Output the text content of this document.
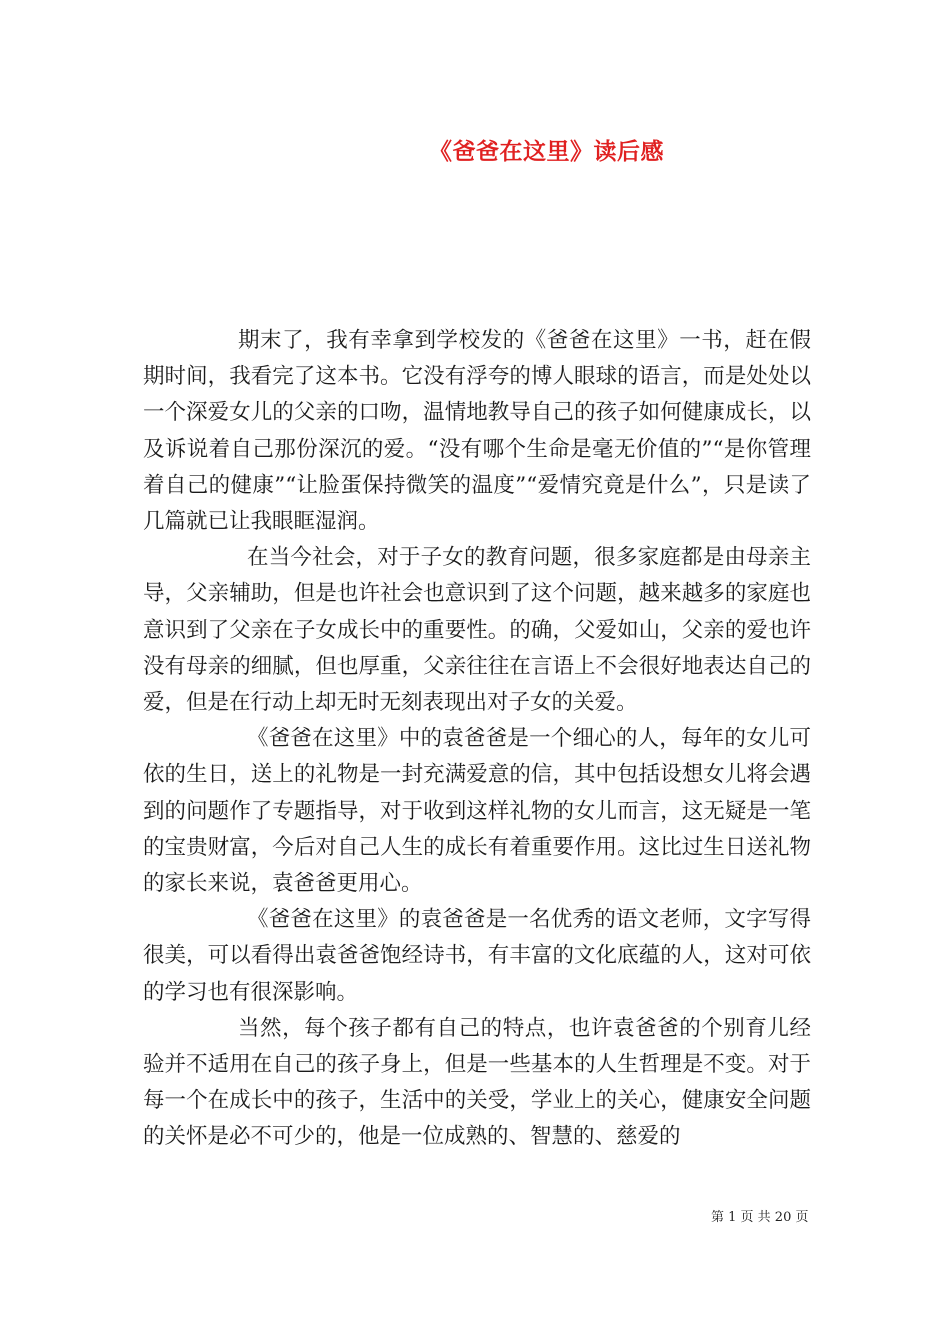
《爸爸在这里》读后感

期末了，我有幸拿到学校发的《爸爸在这里》一书，赶在假期时间，我看完了这本书。它没有浮夸的博人眼球的语言，而是处处以一个深爱女儿的父亲的口吻，温情地教导自己的孩子如何健康成长，以及诉说着自己那份深沉的爱。“没有哪个生命是毫无价值的”“是你管理着自己的健康”“让脸蛋保持微笑的温度”“爱情究竟是什么”，只是读了几篇就已让我眼眶湿润。

在当今社会，对于子女的教育问题，很多家庭都是由母亲主导，父亲辅助，但是也许社会也意识到了这个问题，越来越多的家庭也意识到了父亲在子女成长中的重要性。的确，父爱如山，父亲的爱也许没有母亲的细腻，但也厚重，父亲往往在言语上不会很好地表达自己的爱，但是在行动上却无时无刻表现出对子女的关爱。

《爸爸在这里》中的袁爸爸是一个细心的人，每年的女儿可依的生日，送上的礼物是一封充满爱意的信，其中包括设想女儿将会遇到的问题作了专题指导，对于收到这样礼物的女儿而言，这无疑是一笔的宝贵财富，今后对自己人生的成长有着重要作用。这比过生日送礼物的家长来说，袁爸爸更用心。

《爸爸在这里》的袁爸爸是一名优秀的语文老师，文字写得很美，可以看得出袁爸爸饱经诗书，有丰富的文化底蕴的人，这对可依的学习也有很深影响。

当然，每个孩子都有自己的特点，也许袁爸爸的个别育儿经验并不适用在自己的孩子身上，但是一些基本的人生哲理是不变。对于每一个在成长中的孩子，生活中的关受，学业上的关心，健康安全问题的关怀是必不可少的，他是一位成熟的、智慧的、慈爱的

第 1 页 共 20 页
